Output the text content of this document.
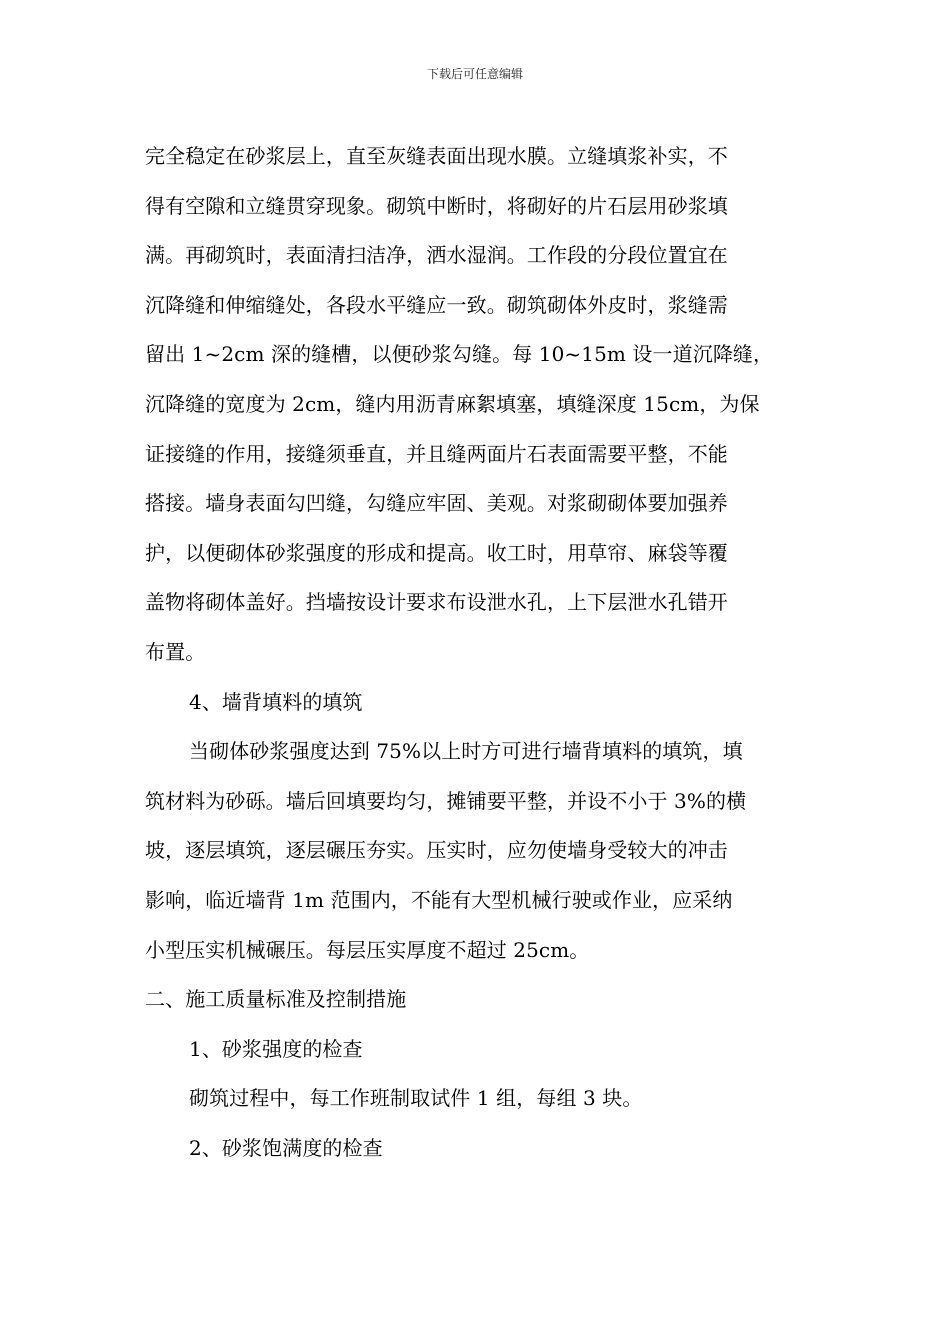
下载后可任意编辑
完全稳定在砂浆层上，直至灰缝表面出现水膜。立缝填浆补实，不
得有空隙和立缝贯穿现象。砌筑中断时，将砌好的片石层用砂浆填
满。再砌筑时，表面清扫洁净，洒水湿润。工作段的分段位置宜在
沉降缝和伸缩缝处，各段水平缝应一致。砌筑砌体外皮时，浆缝需
留出 1~2cm 深的缝槽，以便砂浆勾缝。每 10~15m 设一道沉降缝，
沉降缝的宽度为 2cm，缝内用沥青麻絮填塞，填缝深度 15cm，为保
证接缝的作用，接缝须垂直，并且缝两面片石表面需要平整，不能
搭接。墙身表面勾凹缝，勾缝应牢固、美观。对浆砌砌体要加强养
护，以便砌体砂浆强度的形成和提高。收工时，用草帘、麻袋等覆
盖物将砌体盖好。挡墙按设计要求布设泄水孔，上下层泄水孔错开
布置。
4、墙背填料的填筑
当砌体砂浆强度达到 75%以上时方可进行墙背填料的填筑，填
筑材料为砂砾。墙后回填要均匀，摊铺要平整，并设不小于 3%的横
坡，逐层填筑，逐层碾压夯实。压实时，应勿使墙身受较大的冲击
影响，临近墙背 1m 范围内，不能有大型机械行驶或作业，应采纳
小型压实机械碾压。每层压实厚度不超过 25cm。
二、施工质量标准及控制措施
1、砂浆强度的检查
砌筑过程中，每工作班制取试件 1 组，每组 3 块。
2、砂浆饱满度的检查
